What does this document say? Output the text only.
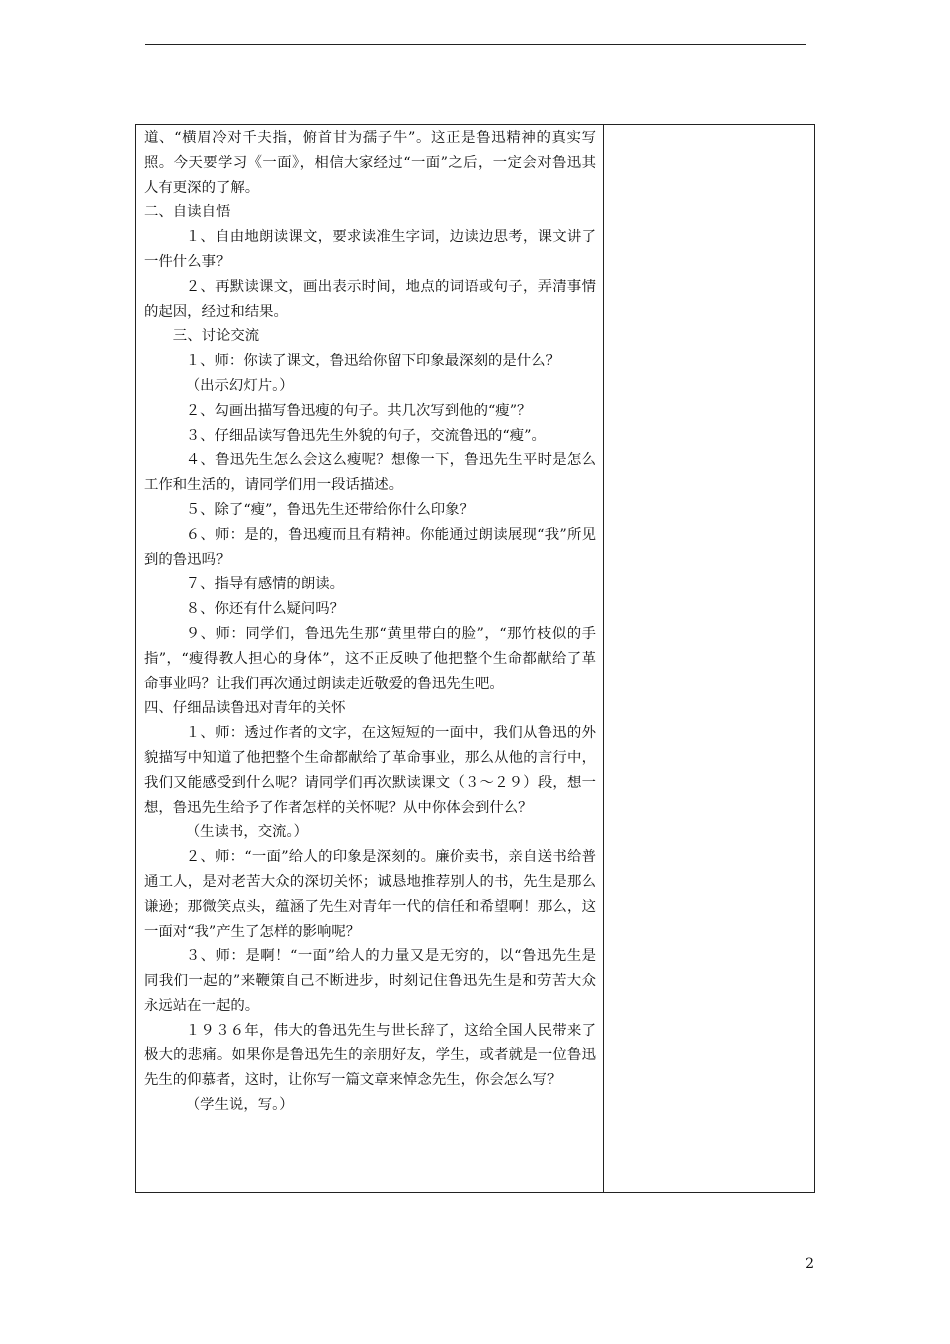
道、“横眉冷对千夫指，俯首甘为孺子牛”。这正是鲁迅精神的真实写照。今天要学习《一面》，相信大家经过“一面”之后，一定会对鲁迅其人有更深的了解。

二、自读自悟

１、自由地朗读课文，要求读准生字词，边读边思考，课文讲了一件什么事？

２、再默读课文，画出表示时间，地点的词语或句子，弄清事情的起因，经过和结果。

三、讨论交流

１、师：你读了课文，鲁迅给你留下印象最深刻的是什么？

（出示幻灯片。）

２、勾画出描写鲁迅瘦的句子。共几次写到他的“瘦”？

３、仔细品读写鲁迅先生外貌的句子，交流鲁迅的“瘦”。

４、鲁迅先生怎么会这么瘦呢？想像一下，鲁迅先生平时是怎么工作和生活的，请同学们用一段话描述。

５、除了“瘦”，鲁迅先生还带给你什么印象？

６、师：是的，鲁迅瘦而且有精神。你能通过朗读展现“我”所见到的鲁迅吗？

７、指导有感情的朗读。

８、你还有什么疑问吗？

９、师：同学们，鲁迅先生那“黄里带白的脸”，“那竹枝似的手指”，“瘦得教人担心的身体”，这不正反映了他把整个生命都献给了革命事业吗？让我们再次通过朗读走近敬爱的鲁迅先生吧。

四、仔细品读鲁迅对青年的关怀

１、师：透过作者的文字，在这短短的一面中，我们从鲁迅的外貌描写中知道了他把整个生命都献给了革命事业，那么从他的言行中，我们又能感受到什么呢？请同学们再次默读课文（３～２９）段，想一想，鲁迅先生给予了作者怎样的关怀呢？从中你体会到什么？

（生读书，交流。）

２、师：“一面”给人的印象是深刻的。廉价卖书，亲自送书给普通工人，是对老苦大众的深切关怀；诚恳地推荐别人的书，先生是那么谦逊；那微笑点头，蕴涵了先生对青年一代的信任和希望啊！那么，这一面对“我”产生了怎样的影响呢？

３、师：是啊！“一面”给人的力量又是无穷的，以“鲁迅先生是同我们一起的”来鞭策自己不断进步，时刻记住鲁迅先生是和劳苦大众永远站在一起的。

１９３６年，伟大的鲁迅先生与世长辞了，这给全国人民带来了极大的悲痛。如果你是鲁迅先生的亲朋好友，学生，或者就是一位鲁迅先生的仰慕者，这时，让你写一篇文章来悼念先生，你会怎么写？

（学生说，写。）

2
